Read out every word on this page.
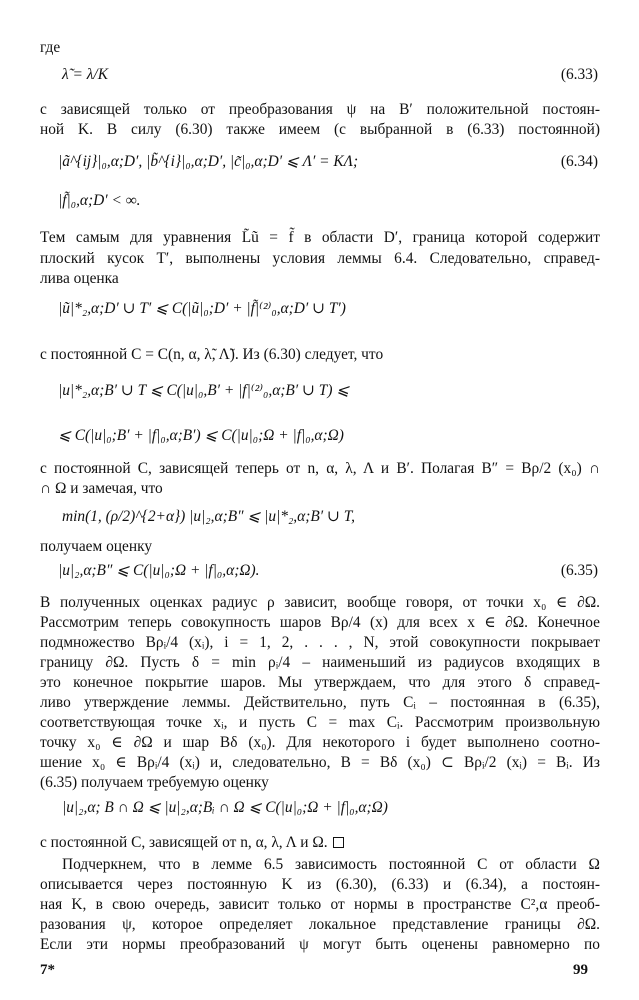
где
λ̃ = λ/K	(6.33)
с зависящей только от преобразования ψ на B′ положительной постоян-
ной K. В силу (6.30) также имеем (с выбранной в (6.33) постоянной)
|ã^{ij}|₀,α;D′, |b̃^{i}|₀,α;D′, |c̃|₀,α;D′ ⩽ Λ′ = KΛ;	(6.34)
|f̃|₀,α;D′ < ∞.
Тем самым для уравнения L̃ũ = f̃ в области D′, граница которой содержит
плоский кусок T′, выполнены условия леммы 6.4. Следовательно, справед-
лива оценка
|ũ|*₂,α;D′ ∪ T′ ⩽ C(|ũ|₀;D′ + |f̃|⁽²⁾₀,α;D′ ∪ T′)
с постоянной C = C(n, α, λ̃, Λ̃). Из (6.30) следует, что
|u|*₂,α;B′ ∪ T ⩽ C(|u|₀,B′ + |f|⁽²⁾₀,α;B′ ∪ T) ⩽
⩽ C(|u|₀;B′ + |f|₀,α;B′) ⩽ C(|u|₀;Ω + |f|₀,α;Ω)
с постоянной C, зависящей теперь от n, α, λ, Λ и B′. Полагая B″ = Bρ/2 (x₀) ∩
∩ Ω и замечая, что
min(1, (ρ/2)^{2+α}) |u|₂,α;B″ ⩽ |u|*₂,α;B′ ∪ T,
получаем оценку
|u|₂,α;B″ ⩽ C(|u|₀;Ω + |f|₀,α;Ω).	(6.35)
В полученных оценках радиус ρ зависит, вообще говоря, от точки x₀ ∈ ∂Ω.
Рассмотрим теперь совокупность шаров Bρ/4 (x) для всех x ∈ ∂Ω. Конечное
подмножество Bρᵢ/4 (xᵢ), i = 1, 2, . . . , N, этой совокупности покрывает
границу ∂Ω. Пусть δ = min ρᵢ/4 – наименьший из радиусов входящих в
это конечное покрытие шаров. Мы утверждаем, что для этого δ справед-
ливо утверждение леммы. Действительно, путь Cᵢ – постоянная в (6.35),
соответствующая точке xᵢ, и пусть C = max Cᵢ. Рассмотрим произвольную
точку x₀ ∈ ∂Ω и шар Bδ (x₀). Для некоторого i будет выполнено соотно-
шение x₀ ∈ Bρᵢ/4 (xᵢ) и, следовательно, B = Bδ (x₀) ⊂ Bρᵢ/2 (xᵢ) = Bᵢ. Из
(6.35) получаем требуемую оценку
|u|₂,α; B ∩ Ω ⩽ |u|₂,α;Bᵢ ∩ Ω ⩽ C(|u|₀;Ω + |f|₀,α;Ω)
с постоянной C, зависящей от n, α, λ, Λ и Ω.
Подчеркнем, что в лемме 6.5 зависимость постоянной C от области Ω
описывается через постоянную K из (6.30), (6.33) и (6.34), а постоян-
ная K, в свою очередь, зависит только от нормы в пространстве C²,α преоб-
разования ψ, которое определяет локальное представление границы ∂Ω.
Если эти нормы преобразований ψ могут быть оценены равномерно по
7*	99
